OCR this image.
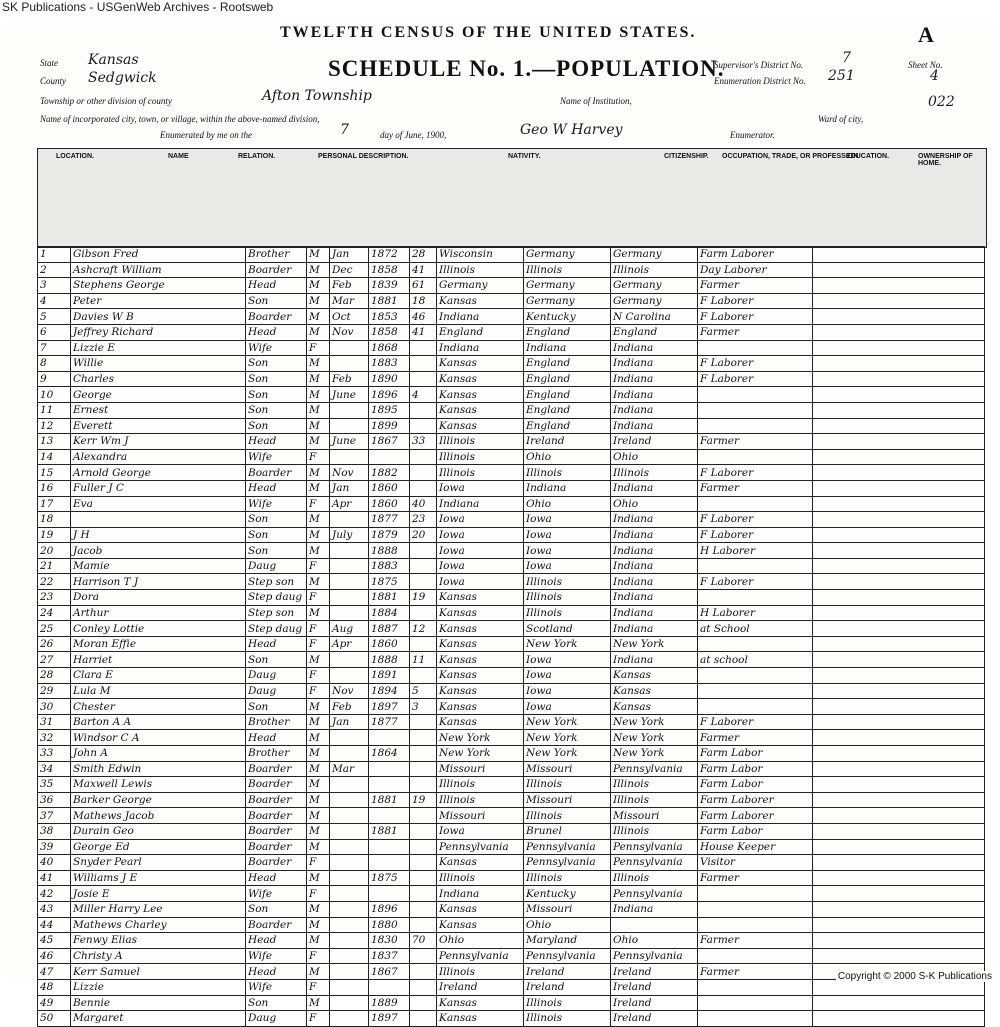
SK Publications - USGenWeb Archives - Rootsweb
TWELFTH CENSUS OF THE UNITED STATES.
SCHEDULE No. 1.—POPULATION.
State Kansas
County Sedgwick
Township or other division of county	Afton Township	Name of Institution,
Name of incorporated city, town, or village, within the above-named division,	Ward of city,
Enumerated by me on the	7	day of June, 1900,	Geo W Harvey	Enumerator.
Supervisor's District No.	7
Enumeration District No. 251
Sheet No.
4
A
022
LOCATION.	NAME	RELATION.	PERSONAL DESCRIPTION.	NATIVITY.	CITIZENSHIP. OCCUPATION, TRADE, OR PROFESSION
EDUCATION.	OWNERSHIP OF HOME.
1	Gibson Fred	Brother	M	Jan	1872	28	Wisconsin	Germany	Germany	Farm Laborer	
2	Ashcraft William	Boarder	M	Dec	1858	41	Illinois	Illinois	Illinois	Day Laborer	
3	Stephens George	Head	M	Feb	1839	61	Germany	Germany	Germany	Farmer	
4	Peter	Son	M	Mar	1881	18	Kansas	Germany	Germany	F Laborer	
5	Davies W B	Boarder	M	Oct	1853	46	Indiana	Kentucky	N Carolina	F Laborer	
6	Jeffrey Richard	Head	M	Nov	1858	41	England	England	England	Farmer	
7	Lizzie E	Wife	F		1868		Indiana	Indiana	Indiana		
8	Willie	Son	M		1883		Kansas	England	Indiana	F Laborer	
9	Charles	Son	M	Feb	1890		Kansas	England	Indiana	F Laborer	
10	George	Son	M	June	1896	4	Kansas	England	Indiana		
11	Ernest	Son	M		1895		Kansas	England	Indiana		
12	Everett	Son	M		1899		Kansas	England	Indiana		
13	Kerr Wm J	Head	M	June	1867	33	Illinois	Ireland	Ireland	Farmer	
14	Alexandra	Wife	F				Illinois	Ohio	Ohio		
15	Arnold George	Boarder	M	Nov	1882		Illinois	Illinois	Illinois	F Laborer	
16	Fuller J C	Head	M	Jan	1860		Iowa	Indiana	Indiana	Farmer	
17	Eva	Wife	F	Apr	1860	40	Indiana	Ohio	Ohio		
18		Son	M		1877	23	Iowa	Iowa	Indiana	F Laborer	
19	J H	Son	M	July	1879	20	Iowa	Iowa	Indiana	F Laborer	
20	Jacob	Son	M		1888		Iowa	Iowa	Indiana	H Laborer	
21	Mamie	Daug	F		1883		Iowa	Iowa	Indiana		
22	Harrison T J	Step son	M		1875		Iowa	Illinois	Indiana	F Laborer	
23	Dora	Step daug	F		1881	19	Kansas	Illinois	Indiana		
24	Arthur	Step son	M		1884		Kansas	Illinois	Indiana	H Laborer	
25	Conley Lottie	Step daug	F	Aug	1887	12	Kansas	Scotland	Indiana	at School	
26	Moran Effie	Head	F	Apr	1860		Kansas	New York	New York		
27	Harriet	Son	M		1888	11	Kansas	Iowa	Indiana	at school	
28	Clara E	Daug	F		1891		Kansas	Iowa	Kansas		
29	Lula M	Daug	F	Nov	1894	5	Kansas	Iowa	Kansas		
30	Chester	Son	M	Feb	1897	3	Kansas	Iowa	Kansas		
31	Barton A A	Brother	M	Jan	1877		Kansas	New York	New York	F Laborer	
32	Windsor C A	Head	M				New York	New York	New York	Farmer	
33	John A	Brother	M		1864		New York	New York	New York	Farm Labor	
34	Smith Edwin	Boarder	M	Mar			Missouri	Missouri	Pennsylvania	Farm Labor	
35	Maxwell Lewis	Boarder	M				Illinois	Illinois	Illinois	Farm Labor	
36	Barker George	Boarder	M		1881	19	Illinois	Missouri	Illinois	Farm Laborer	
37	Mathews Jacob	Boarder	M				Missouri	Illinois	Missouri	Farm Laborer	
38	Durain Geo	Boarder	M		1881		Iowa	Brunel	Illinois	Farm Labor	
39	George Ed	Boarder	M				Pennsylvania	Pennsylvania	Pennsylvania	House Keeper	
40	Snyder Pearl	Boarder	F				Kansas	Pennsylvania	Pennsylvania	Visitor	
41	Williams J E	Head	M		1875		Illinois	Illinois	Illinois	Farmer	
42	Josie E	Wife	F				Indiana	Kentucky	Pennsylvania		
43	Miller Harry Lee	Son	M		1896		Kansas	Missouri	Indiana		
44	Mathews Charley	Boarder	M		1880		Kansas	Ohio			
45	Fenwy Elias	Head	M		1830	70	Ohio	Maryland	Ohio	Farmer	
46	Christy A	Wife	F		1837		Pennsylvania	Pennsylvania	Pennsylvania		
47	Kerr Samuel	Head	M		1867		Illinois	Ireland	Ireland	Farmer	
48	Lizzie	Wife	F				Ireland	Ireland	Ireland		
49	Bennie	Son	M		1889		Kansas	Illinois	Ireland		
50	Margaret	Daug	F		1897		Kansas	Illinois	Ireland		
Copyright © 2000 S-K Publications
